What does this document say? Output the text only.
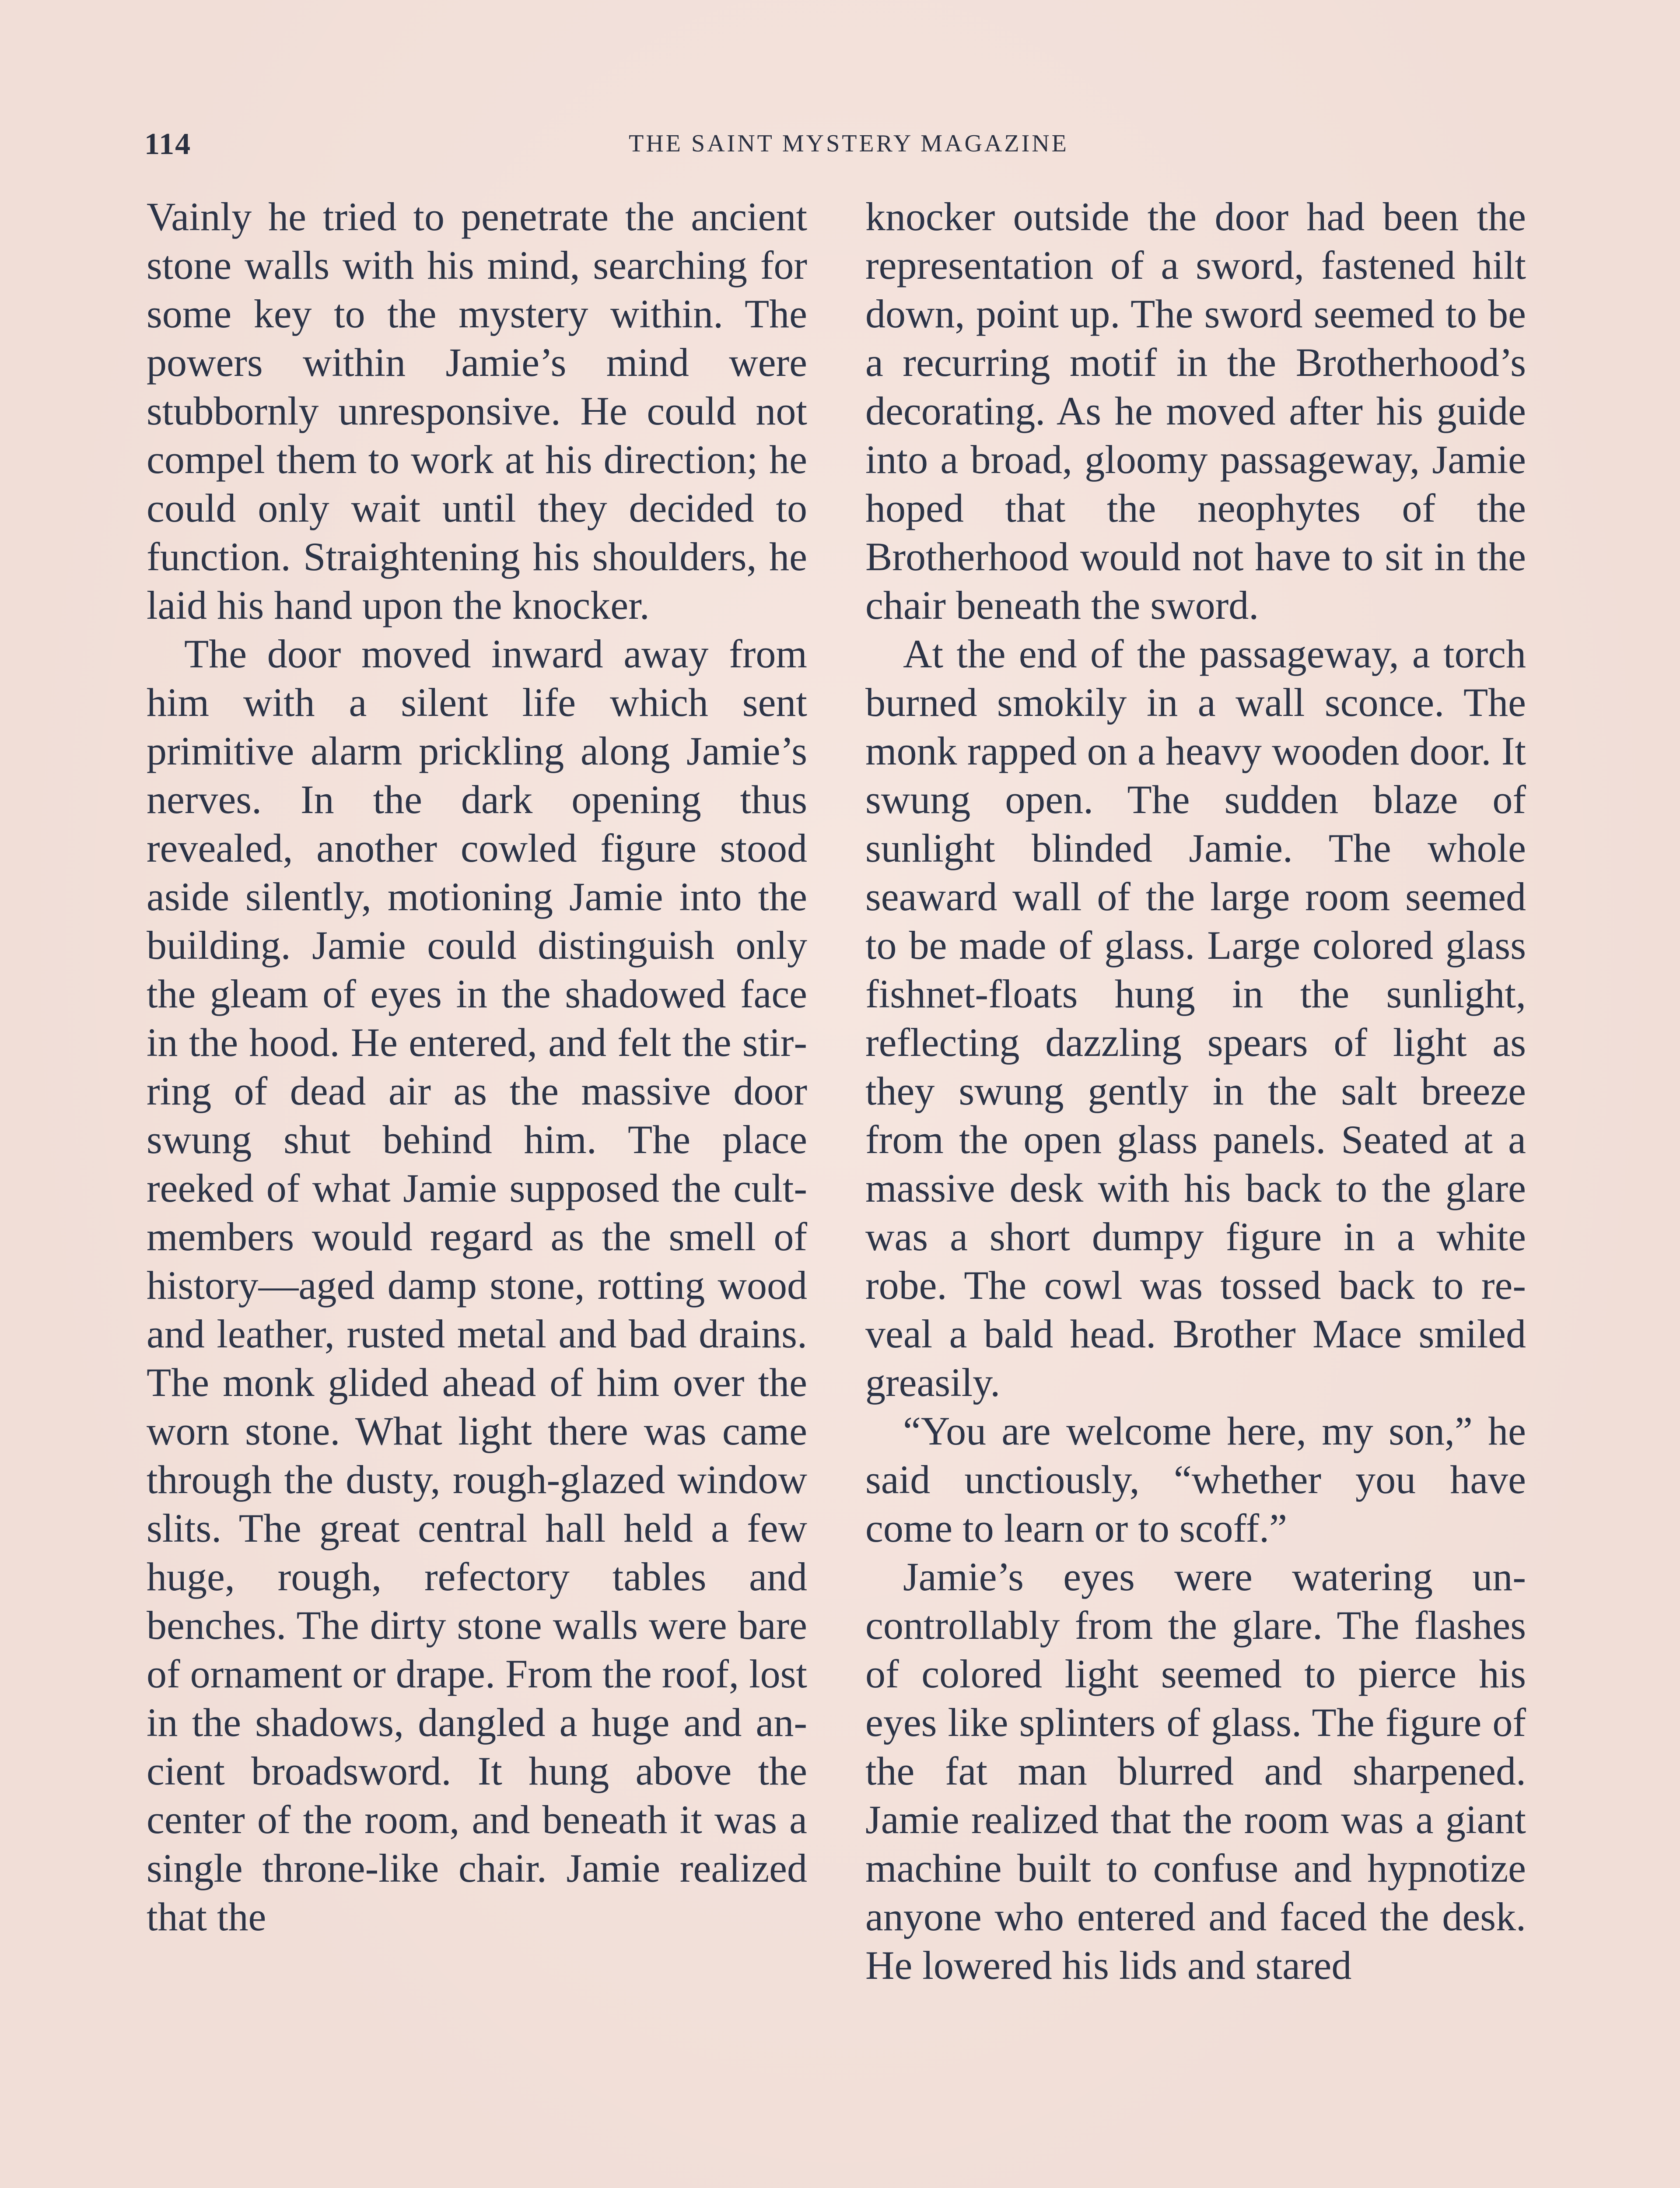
114	THE SAINT MYSTERY MAGAZINE

Vainly he tried to penetrate the ancient stone walls with his mind, searching for some key to the mystery within. The powers within Jamie’s mind were stubbornly unresponsive. He could not compel them to work at his direction; he could only wait until they decided to function. Straightening his shoulders, he laid his hand upon the knocker.

The door moved inward away from him with a silent life which sent primitive alarm prickling along Jamie’s nerves. In the dark opening thus revealed, another cowled figure stood aside silently, motioning Jamie into the building. Jamie could distinguish only the gleam of eyes in the shadowed face in the hood. He entered, and felt the stirring of dead air as the massive door swung shut behind him. The place reeked of what Jamie supposed the cult-members would regard as the smell of history—aged damp stone, rotting wood and leather, rusted metal and bad drains. The monk glided ahead of him over the worn stone. What light there was came through the dusty, rough-glazed window slits. The great central hall held a few huge, rough, refectory tables and benches. The dirty stone walls were bare of ornament or drape. From the roof, lost in the shadows, dangled a huge and ancient broadsword. It hung above the center of the room, and beneath it was a single throne-like chair. Jamie realized that the

knocker outside the door had been the representation of a sword, fastened hilt down, point up. The sword seemed to be a recurring motif in the Brotherhood’s decorating. As he moved after his guide into a broad, gloomy passageway, Jamie hoped that the neophytes of the Brotherhood would not have to sit in the chair beneath the sword.

At the end of the passageway, a torch burned smokily in a wall sconce. The monk rapped on a heavy wooden door. It swung open. The sudden blaze of sunlight blinded Jamie. The whole seaward wall of the large room seemed to be made of glass. Large colored glass fishnet-floats hung in the sunlight, reflecting dazzling spears of light as they swung gently in the salt breeze from the open glass panels. Seated at a massive desk with his back to the glare was a short dumpy figure in a white robe. The cowl was tossed back to reveal a bald head. Brother Mace smiled greasily.

“You are welcome here, my son,” he said unctiously, “whether you have come to learn or to scoff.”

Jamie’s eyes were watering uncontrollably from the glare. The flashes of colored light seemed to pierce his eyes like splinters of glass. The figure of the fat man blurred and sharpened. Jamie realized that the room was a giant machine built to confuse and hypnotize anyone who entered and faced the desk. He lowered his lids and stared
